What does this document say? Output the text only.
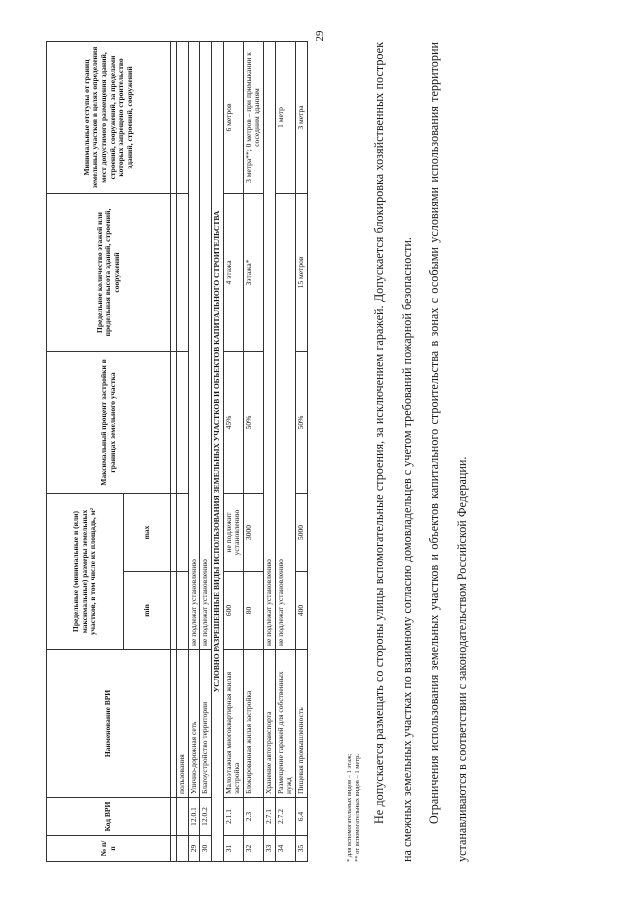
29
№ п/п	Код ВРИ	Наименование ВРИ	Предельные (минимальные и (или) максимальные) размеры земельных участков, в том числе их площадь, м²		Максимальный процент застройки в границах земельного участка	Предельное количество этажей или предельная высота зданий, строений, сооружений	Минимальные отступы от границ земельных участков в целях определения мест допустимого размещения зданий, строений, сооружений, за пределами которых запрещено строительство зданий, строений, сооружений
			min	max			

		пользования					
29	12.0.1	Улично-дорожная сеть	не подлежат установлению				
30	12.0.2	Благоустройство территории	не подлежат установлению				
УСЛОВНО РАЗРЕШЕННЫЕ ВИДЫ ИСПОЛЬЗОВАНИЯ ЗЕМЕЛЬНЫХ УЧАСТКОВ И ОБЪЕКТОВ КАПИТАЛЬНОГО СТРОИТЕЛЬСТВА							
31	2.1.1	Малоэтажная многоквартирная жилая застройка	600	не подлежит установлению	45%	4 этажа	6 метров
32	2.3	Блокированная жилая застройка	80	3000	50%	3этажа*	3 метра**; 0 метров – при примыкании к соседним зданиям
33	2.7.1	Хранение автотранспорта	не подлежат установлению				
34	2.7.2	Размещение гаражей для собственных нужд	не подлежат установлению				1 метр
35	6.4	Пищевая промышленность	400	5000	50%	15 метров	3 метра
* для вспомогательных видов – 1 этаж; ** от вспомогательных видов – 1 метр. Не допускается размещать со стороны улицы вспомогательные строения, за исключением гаражей. Допускается блокировка хозяйственных построек на смежных земельных участках по взаимному согласию домовладельцев с учетом требований пожарной безопасности.	Ограничения использования земельных участков и объектов капитального строительства в зонах с особыми условиями использования территории устанавливаются в соответствии с законодательством Российской Федерации.
